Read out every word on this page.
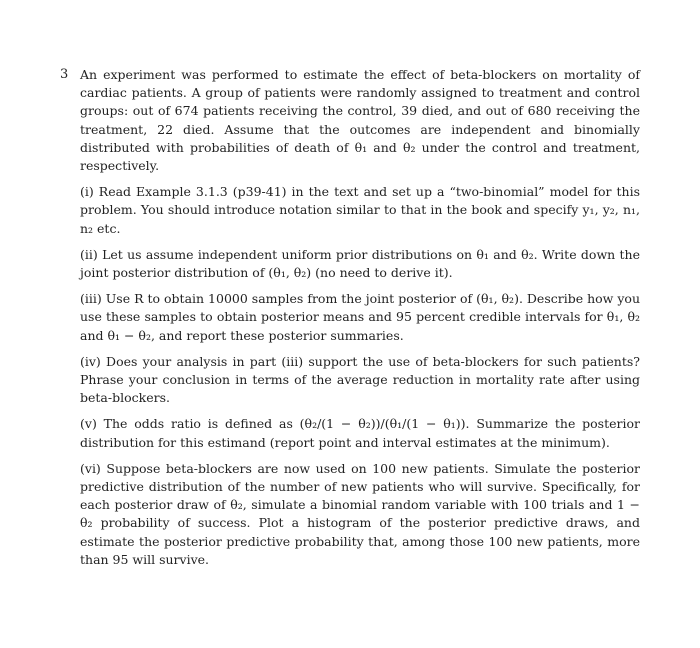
3 An experiment was performed to estimate the effect of beta-blockers on mortality of cardiac patients. A group of patients were randomly assigned to treatment and control groups: out of 674 patients receiving the control, 39 died, and out of 680 receiving the treatment, 22 died. Assume that the outcomes are independent and binomially distributed with probabilities of death of θ₁ and θ₂ under the control and treatment, respectively.

(i) Read Example 3.1.3 (p39-41) in the text and set up a “two-binomial” model for this problem. You should introduce notation similar to that in the book and specify y₁, y₂, n₁, n₂ etc.

(ii) Let us assume independent uniform prior distributions on θ₁ and θ₂. Write down the joint posterior distribution of (θ₁, θ₂) (no need to derive it).

(iii) Use R to obtain 10000 samples from the joint posterior of (θ₁, θ₂). Describe how you use these samples to obtain posterior means and 95 percent credible intervals for θ₁, θ₂ and θ₁ − θ₂, and report these posterior summaries.

(iv) Does your analysis in part (iii) support the use of beta-blockers for such patients? Phrase your conclusion in terms of the average reduction in mortality rate after using beta-blockers.

(v) The odds ratio is defined as (θ₂/(1 − θ₂))/(θ₁/(1 − θ₁)). Summarize the posterior distribution for this estimand (report point and interval estimates at the minimum).

(vi) Suppose beta-blockers are now used on 100 new patients. Simulate the posterior predictive distribution of the number of new patients who will survive. Specifically, for each posterior draw of θ₂, simulate a binomial random variable with 100 trials and 1 − θ₂ probability of success. Plot a histogram of the posterior predictive draws, and estimate the posterior predictive probability that, among those 100 new patients, more than 95 will survive.
